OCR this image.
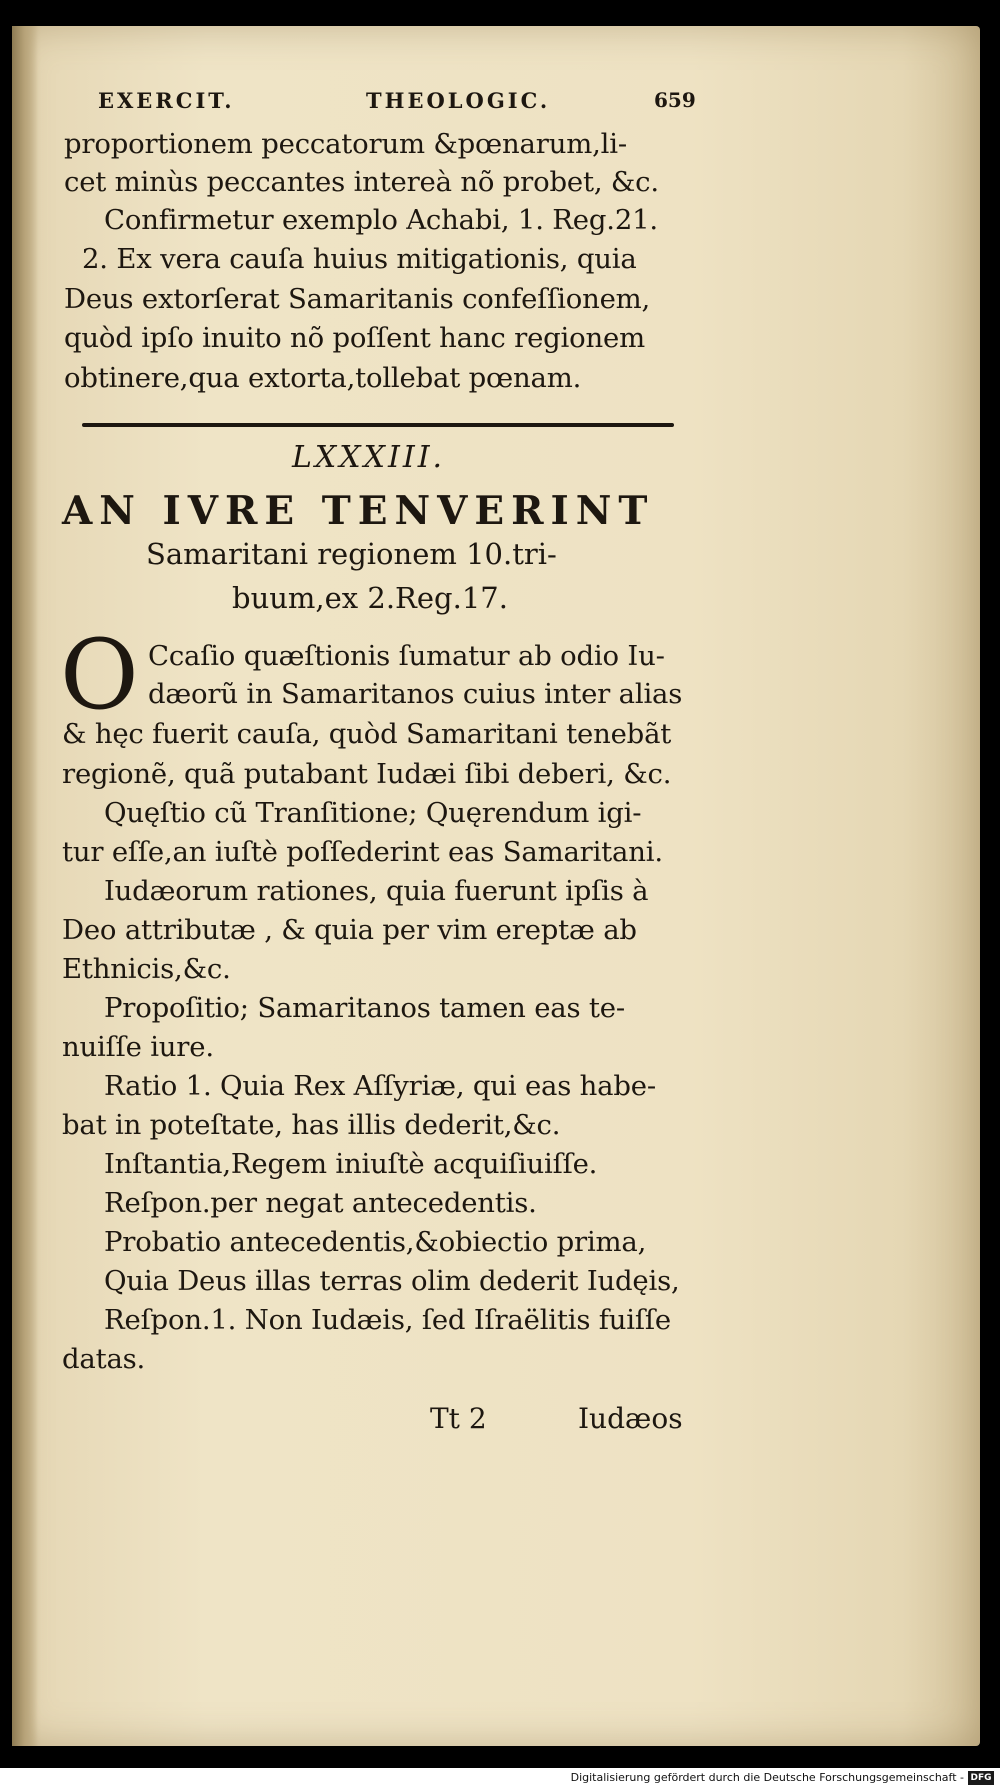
EXERCIT.	THEOLOGIC.	659
proportionem peccatorum &pœnarum,li-
cet minùs peccantes intereà nõ probet, &c.
Confirmetur exemplo Achabi, 1. Reg.21.
2. Ex vera cauſa huius mitigationis, quia
Deus extorſerat Samaritanis confeſſionem,
quòd ipſo inuito nõ poſſent hanc regionem
obtinere,qua extorta,tollebat pœnam.
LXXXIII.
AN IVRE TENVERINT
Samaritani regionem 10.tri-
buum,ex 2.Reg.17.
O Ccaſio quæſtionis ſumatur ab odio Iu-
dæorũ in Samaritanos cuius inter alias
& hęc fuerit cauſa, quòd Samaritani tenebãt
regionẽ, quã putabant Iudæi ſibi deberi, &c.
Quęſtio cũ Tranſitione; Quęrendum igi-
tur eſſe,an iuſtè poſſederint eas Samaritani.
Iudæorum rationes, quia fuerunt ipſis à
Deo attributæ , & quia per vim ereptæ ab
Ethnicis,&c.
Propoſitio; Samaritanos tamen eas te-
nuiſſe iure.
Ratio 1. Quia Rex Aſſyriæ, qui eas habe-
bat in poteſtate, has illis dederit,&c.
Inſtantia,Regem iniuſtè acquiſiuiſſe.
Reſpon.per negat antecedentis.
Probatio antecedentis,&obiectio prima,
Quia Deus illas terras olim dederit Iudęis,
Reſpon.1. Non Iudæis, ſed Iſraëlitis fuiſſe
datas.
Tt 2	Iudæos
Digitalisierung gefördert durch die Deutsche Forschungsgemeinschaft - DFG
